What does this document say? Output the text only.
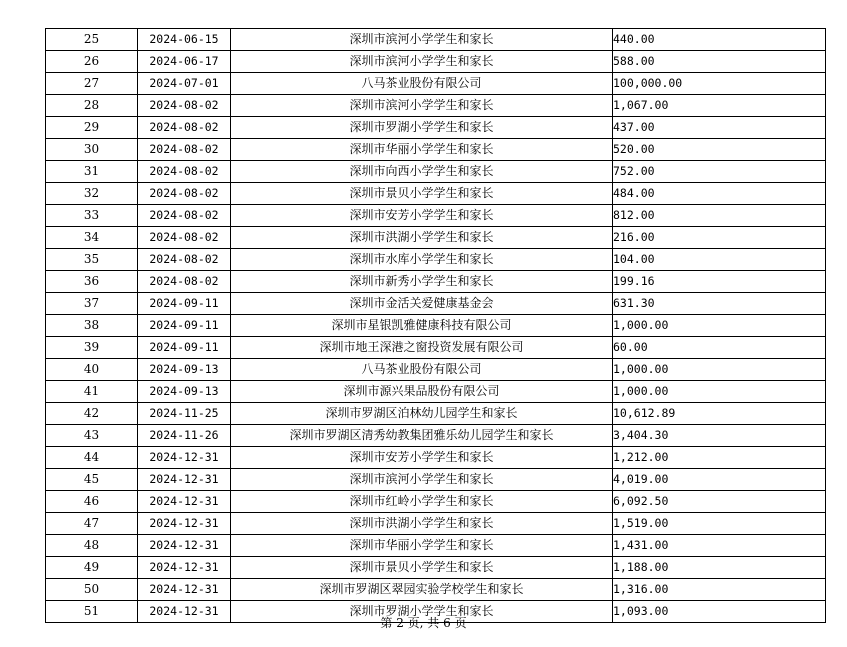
25	2024-06-15	深圳市滨河小学学生和家长	440.00
26	2024-06-17	深圳市滨河小学学生和家长	588.00
27	2024-07-01	八马茶业股份有限公司	100,000.00
28	2024-08-02	深圳市滨河小学学生和家长	1,067.00
29	2024-08-02	深圳市罗湖小学学生和家长	437.00
30	2024-08-02	深圳市华丽小学学生和家长	520.00
31	2024-08-02	深圳市向西小学学生和家长	752.00
32	2024-08-02	深圳市景贝小学学生和家长	484.00
33	2024-08-02	深圳市安芳小学学生和家长	812.00
34	2024-08-02	深圳市洪湖小学学生和家长	216.00
35	2024-08-02	深圳市水库小学学生和家长	104.00
36	2024-08-02	深圳市新秀小学学生和家长	199.16
37	2024-09-11	深圳市金活关爱健康基金会	631.30
38	2024-09-11	深圳市星银凯雅健康科技有限公司	1,000.00
39	2024-09-11	深圳市地王深港之窗投资发展有限公司	60.00
40	2024-09-13	八马茶业股份有限公司	1,000.00
41	2024-09-13	深圳市源兴果品股份有限公司	1,000.00
42	2024-11-25	深圳市罗湖区泊林幼儿园学生和家长	10,612.89
43	2024-11-26	深圳市罗湖区清秀幼教集团雅乐幼儿园学生和家长	3,404.30
44	2024-12-31	深圳市安芳小学学生和家长	1,212.00
45	2024-12-31	深圳市滨河小学学生和家长	4,019.00
46	2024-12-31	深圳市红岭小学学生和家长	6,092.50
47	2024-12-31	深圳市洪湖小学学生和家长	1,519.00
48	2024-12-31	深圳市华丽小学学生和家长	1,431.00
49	2024-12-31	深圳市景贝小学学生和家长	1,188.00
50	2024-12-31	深圳市罗湖区翠园实验学校学生和家长	1,316.00
51	2024-12-31	深圳市罗湖小学学生和家长	1,093.00
第 2 页, 共 6 页
